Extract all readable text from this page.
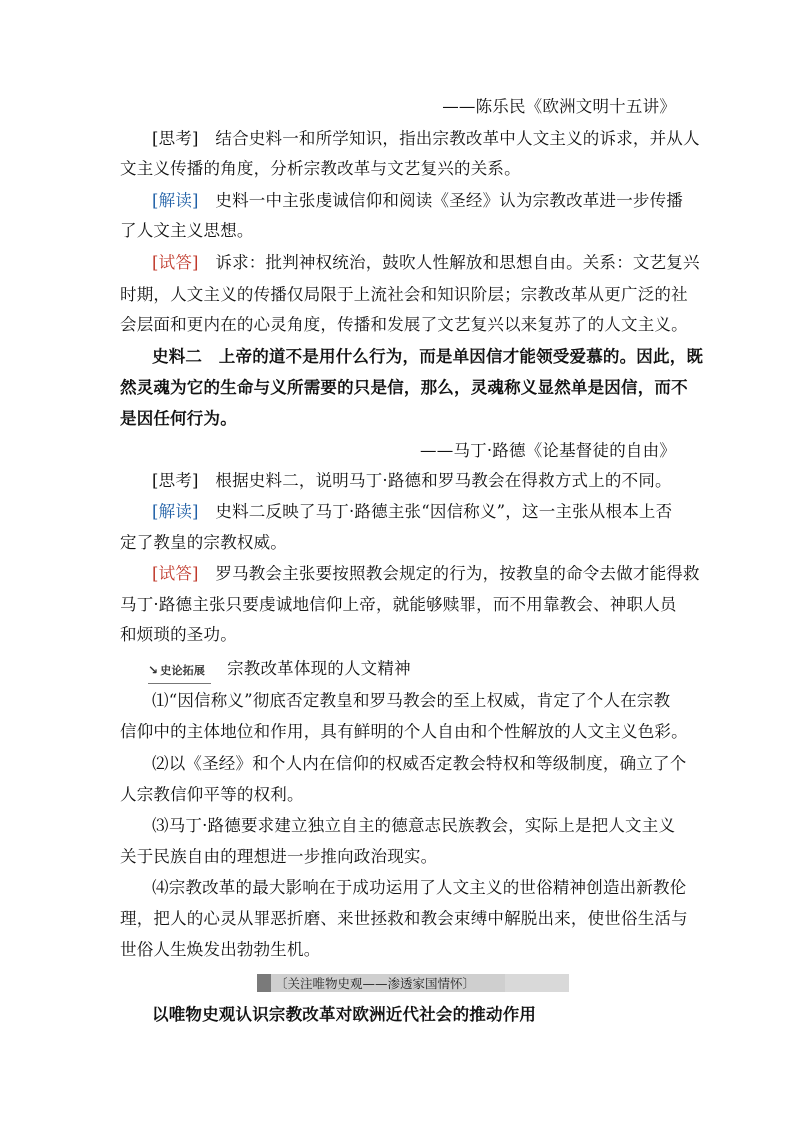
——陈乐民《欧洲文明十五讲》
[思考]　 结合史料一和所学知识，指出宗教改革中人文主义的诉求，并从人
文主义传播的角度，分析宗教改革与文艺复兴的关系。
[解读]　 史料一中主张虔诚信仰和阅读《圣经》认为宗教改革进一步传播
了人文主义思想。
[试答]　 诉求：批判神权统治，鼓吹人性解放和思想自由。关系：文艺复兴
时期，人文主义的传播仅局限于上流社会和知识阶层；宗教改革从更广泛的社
会层面和更内在的心灵角度，传播和发展了文艺复兴以来复苏了的人文主义。
史料二　上帝的道不是用什么行为，而是单因信才能领受爱慕的。因此，既
然灵魂为它的生命与义所需要的只是信，那么，灵魂称义显然单是因信，而不
是因任何行为。
——马丁·路德《论基督徒的自由》
[思考]　 根据史料二，说明马丁·路德和罗马教会在得救方式上的不同。
[解读]　 史料二反映了马丁·路德主张“因信称义”，这一主张从根本上否
定了教皇的宗教权威。
[试答]　 罗马教会主张要按照教会规定的行为，按教皇的命令去做才能得救
马丁·路德主张只要虔诚地信仰上帝，就能够赎罪，而不用靠教会、神职人员
和烦琐的圣功。
↘ 史论拓展 宗教改革体现的人文精神
⑴“因信称义”彻底否定教皇和罗马教会的至上权威，肯定了个人在宗教
信仰中的主体地位和作用，具有鲜明的个人自由和个性解放的人文主义色彩。
⑵以《圣经》和个人内在信仰的权威否定教会特权和等级制度，确立了个
人宗教信仰平等的权利。
⑶马丁·路德要求建立独立自主的德意志民族教会，实际上是把人文主义
关于民族自由的理想进一步推向政治现实。
⑷宗教改革的最大影响在于成功运用了人文主义的世俗精神创造出新教伦
理，把人的心灵从罪恶折磨、来世拯救和教会束缚中解脱出来，使世俗生活与
世俗人生焕发出勃勃生机。
〔关注唯物史观——渗透家国情怀〕
以唯物史观认识宗教改革对欧洲近代社会的推动作用
